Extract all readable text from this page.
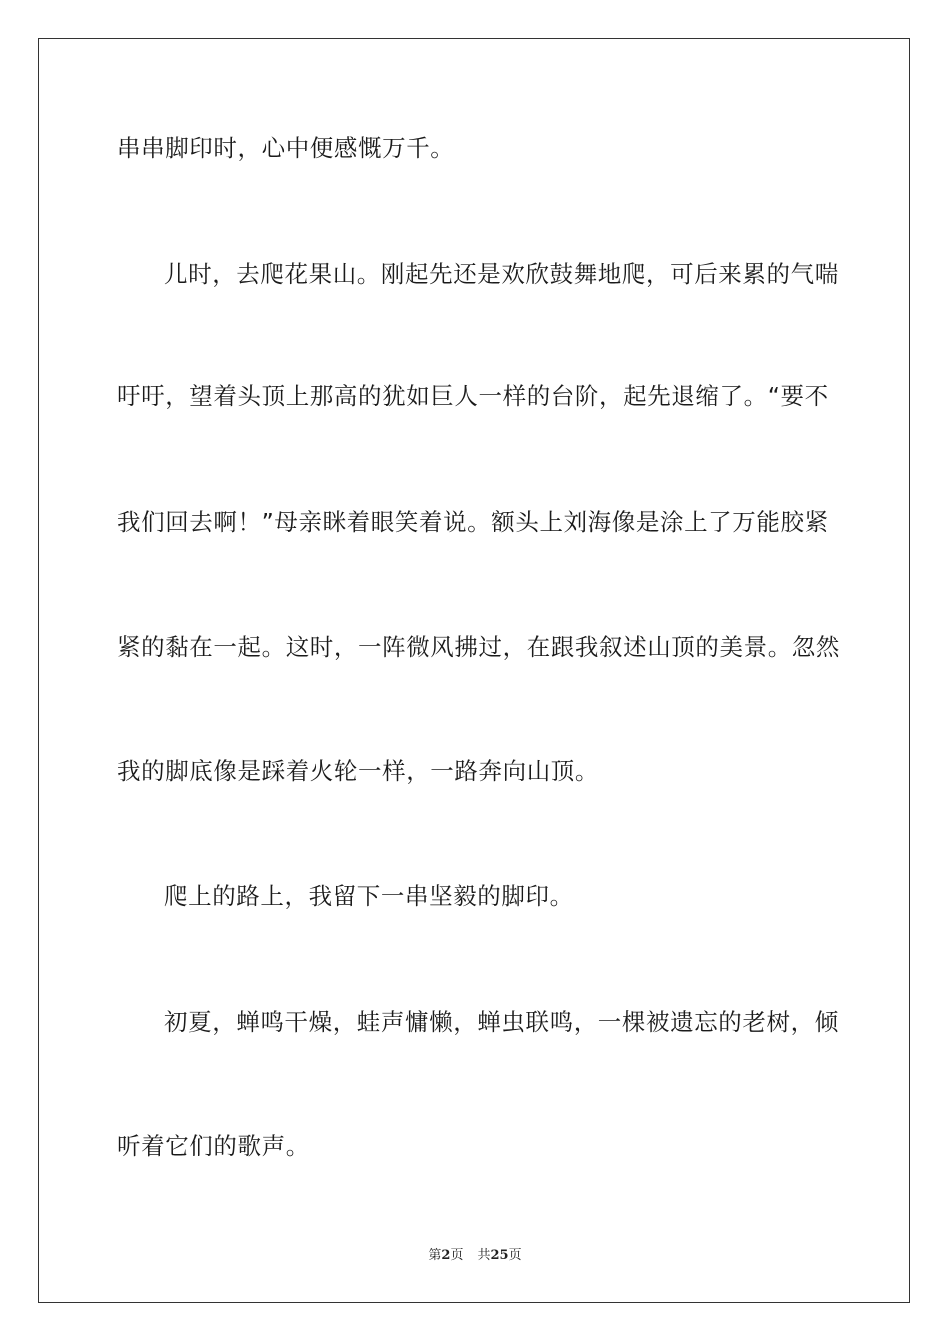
串串脚印时，心中便感慨万千。
儿时，去爬花果山。刚起先还是欢欣鼓舞地爬，可后来累的气喘
吁吁，望着头顶上那高的犹如巨人一样的台阶，起先退缩了。“要不
我们回去啊！”母亲眯着眼笑着说。额头上刘海像是涂上了万能胶紧
紧的黏在一起。这时，一阵微风拂过，在跟我叙述山顶的美景。忽然
我的脚底像是踩着火轮一样，一路奔向山顶。
爬上的路上，我留下一串坚毅的脚印。
初夏，蝉鸣干燥，蛙声慵懒，蝉虫联鸣，一棵被遗忘的老树，倾
听着它们的歌声。
第2页 共25页
